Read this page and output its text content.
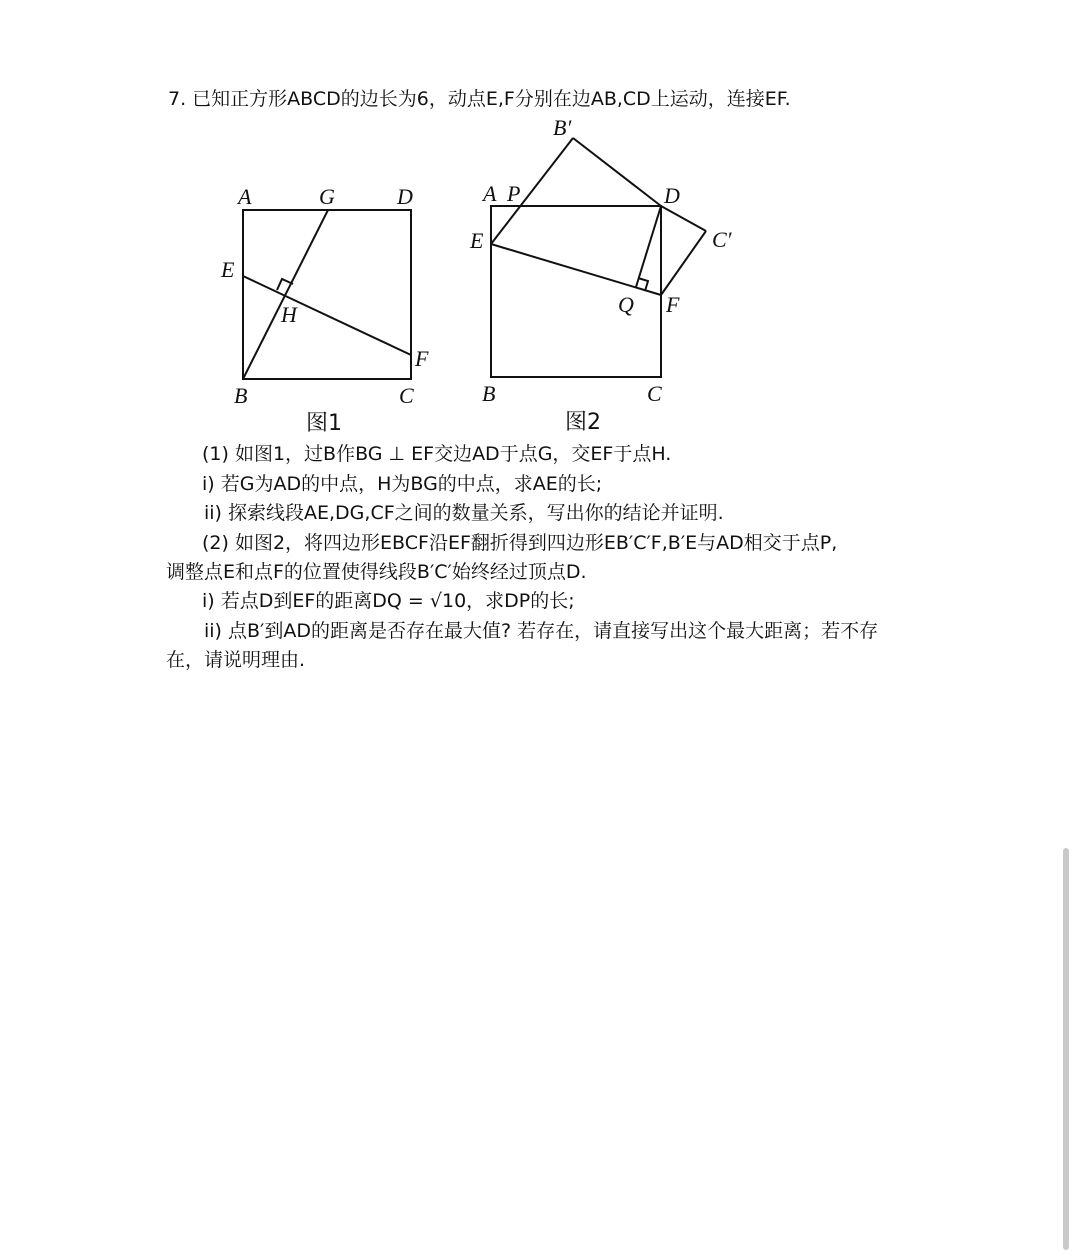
7. 已知正方形ABCD的边长为6，动点E,F分别在边AB,CD上运动，连接EF.
A	G	D
E
H
F
B	C
图1
B′
A P	D
E	C′
Q F
B	C
图2
(1) 如图1，过B作BG ⊥ EF交边AD于点G，交EF于点H.
i) 若G为AD的中点，H为BG的中点，求AE的长;
ii) 探索线段AE,DG,CF之间的数量关系，写出你的结论并证明.
(2) 如图2，将四边形EBCF沿EF翻折得到四边形EB′C′F,B′E与AD相交于点P,
调整点E和点F的位置使得线段B′C′始终经过顶点D.
i) 若点D到EF的距离DQ = √10，求DP的长;
ii) 点B′到AD的距离是否存在最大值? 若存在，请直接写出这个最大距离；若不存
在，请说明理由.
